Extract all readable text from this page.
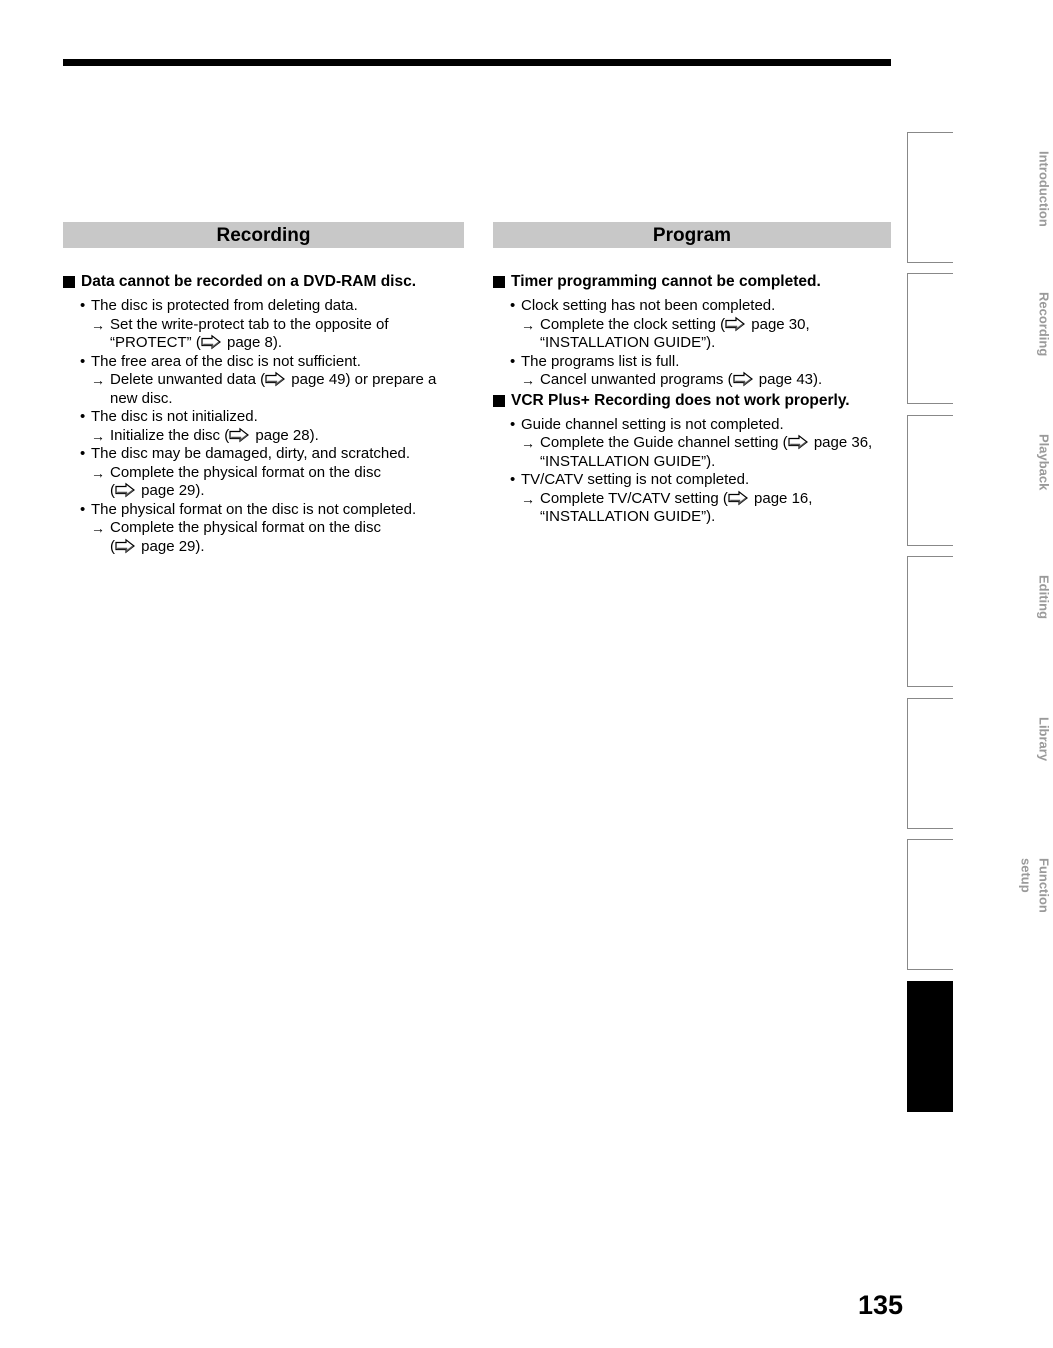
Recording
Data cannot be recorded on a DVD-RAM disc.
• The disc is protected from deleting data.
→ Set the write-protect tab to the opposite of
“PROTECT” ( page 8).
• The free area of the disc is not sufficient.
→ Delete unwanted data ( page 49) or prepare a
new disc.
• The disc is not initialized.
→ Initialize the disc ( page 28).
• The disc may be damaged, dirty, and scratched.
→ Complete the physical format on the disc
( page 29).
• The physical format on the disc is not completed.
→ Complete the physical format on the disc
( page 29).
Program
Timer programming cannot be completed.
• Clock setting has not been completed.
→ Complete the clock setting ( page 30,
“INSTALLATION GUIDE”).
• The programs list is full.
→ Cancel unwanted programs ( page 43).
VCR Plus+ Recording does not work properly.
• Guide channel setting is not completed.
→ Complete the Guide channel setting ( page 36,
“INSTALLATION GUIDE”).
• TV/CATV setting is not completed.
→ Complete TV/CATV setting ( page 16,
“INSTALLATION GUIDE”).
Introduction
Recording
Playback
Editing
Library
Function setup
Others
135
